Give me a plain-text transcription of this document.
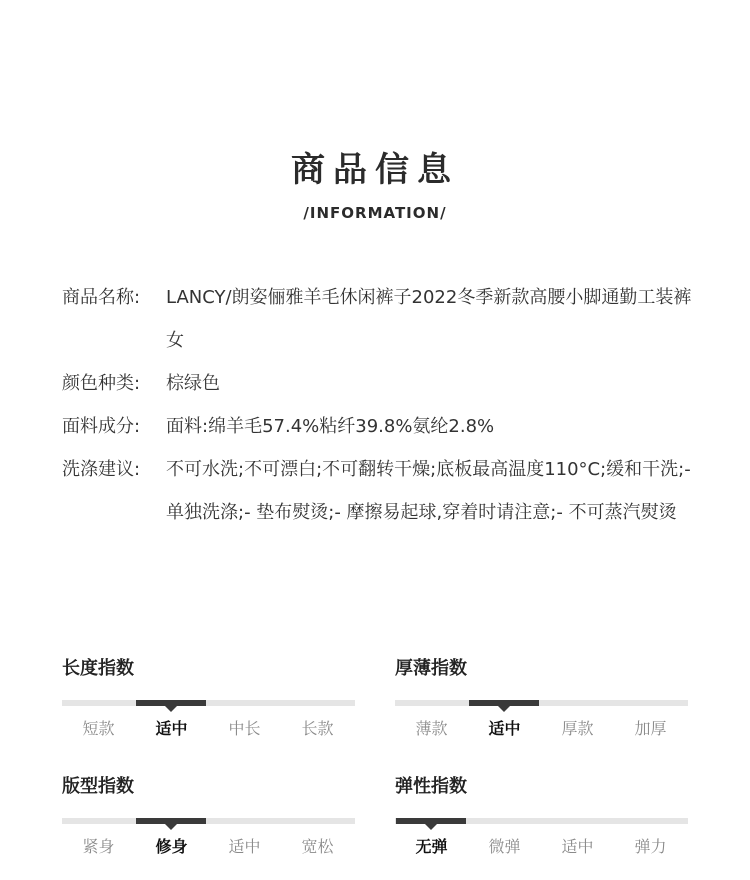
商品信息
/INFORMATION/
商品名称:	LANCY/朗姿俪雅羊毛休闲裤子2022冬季新款高腰小脚通勤工装裤女
颜色种类:	棕绿色
面料成分:	面料:绵羊毛57.4%粘纤39.8%氨纶2.8%
洗涤建议:	不可水洗;不可漂白;不可翻转干燥;底板最高温度110°C;缓和干洗;- 单独洗涤;- 垫布熨烫;- 摩擦易起球,穿着时请注意;- 不可蒸汽熨烫
长度指数
短款	适中	中长	长款
厚薄指数
薄款	适中	厚款	加厚
版型指数
紧身	修身	适中	宽松
弹性指数
无弹	微弹	适中	弹力
